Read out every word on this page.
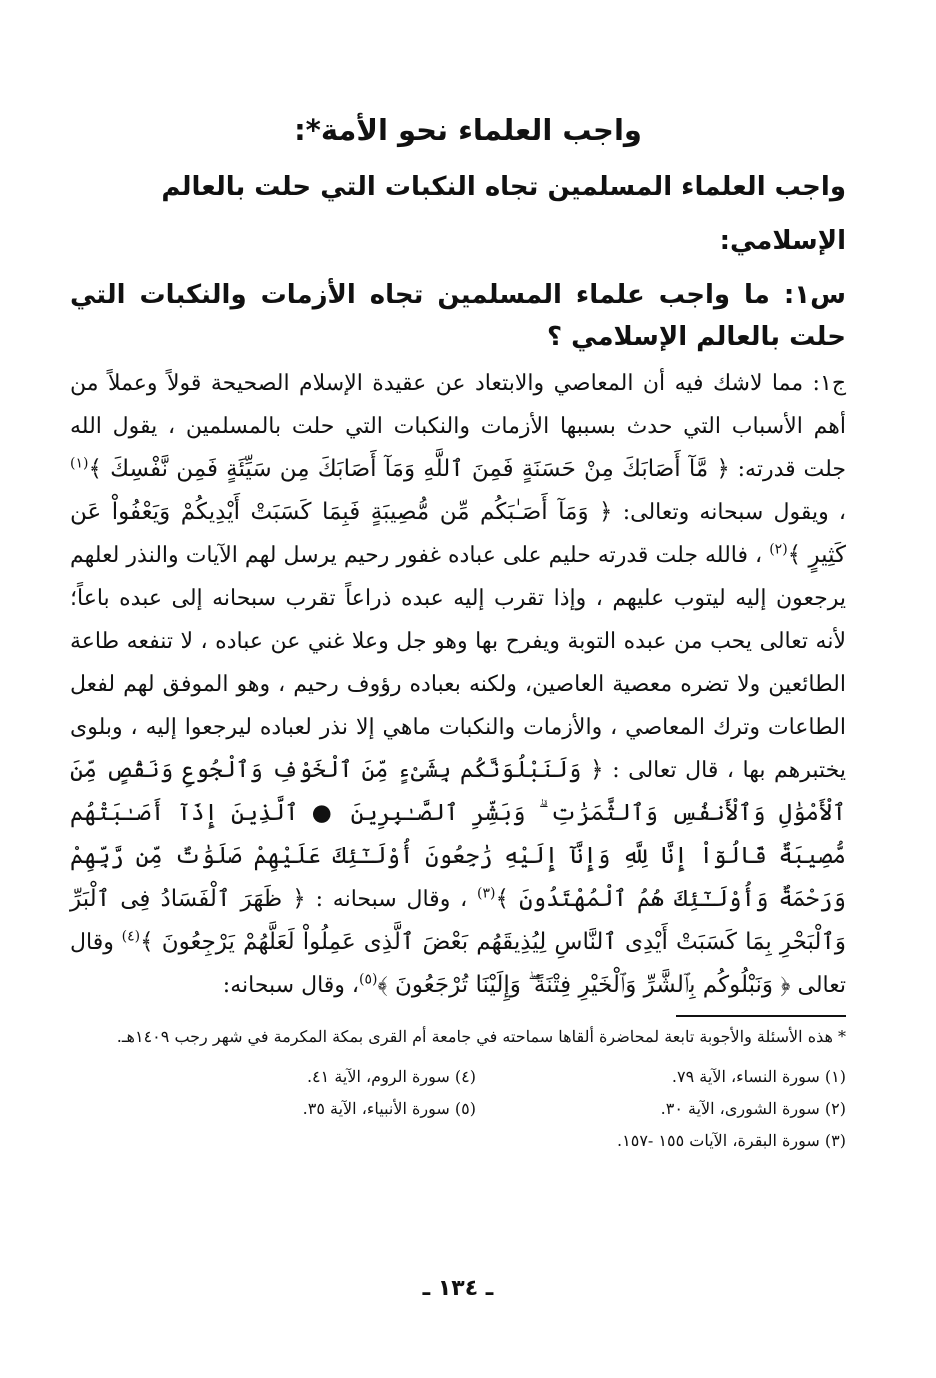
واجب العلماء نحو الأمة*:
واجب العلماء المسلمين تجاه النكبات التي حلت بالعالم الإسلامي:

س١: ما واجب علماء المسلمين تجاه الأزمات والنكبات التي حلت بالعالم الإسلامي ؟

ج١: مما لاشك فيه أن المعاصي والابتعاد عن عقيدة الإسلام الصحيحة قولاً وعملاً من أهم الأسباب التي حدث بسببها الأزمات والنكبات التي حلت بالمسلمين ، يقول الله جلت قدرته: ﴿ مَّآ أَصَابَكَ مِنْ حَسَنَةٍ فَمِنَ ٱللَّهِ وَمَآ أَصَابَكَ مِن سَيِّئَةٍ فَمِن نَّفْسِكَ ﴾$^{(١)}$ ، ويقول سبحانه وتعالى: ﴿ وَمَآ أَصَـٰبَكُم مِّن مُّصِيبَةٍ فَبِمَا كَسَبَتْ أَيْدِيكُمْ وَيَعْفُواْ عَن كَثِيرٍ ﴾$^{(٢)}$ ، فالله جلت قدرته حليم على عباده غفور رحيم يرسل لهم الآيات والنذر لعلهم يرجعون إليه ليتوب عليهم ، وإذا تقرب إليه عبده ذراعاً تقرب سبحانه إلى عبده باعاً؛ لأنه تعالى يحب من عبده التوبة ويفرح بها وهو جل وعلا غني عن عباده ، لا تنفعه طاعة الطائعين ولا تضره معصية العاصين، ولكنه بعباده رؤوف رحيم ، وهو الموفق لهم لفعل الطاعات وترك المعاصي ، والأزمات والنكبات ماهي إلا نذر لعباده ليرجعوا إليه ، وبلوى يختبرهم بها ، قال تعالى : ﴿ وَلَنَبْلُوَنَّكُم بِشَىْءٍ مِّنَ ٱلْخَوْفِ وَٱلْجُوعِ وَنَقْصٍ مِّنَ ٱلْأَمْوَٰلِ وَٱلْأَنفُسِ وَٱلثَّمَرَٰتِ ۗ وَبَشِّرِ ٱلصَّـٰبِرِينَ ● ٱلَّذِينَ إِذَآ أَصَـٰبَتْهُم مُّصِيبَةٌ قَالُوٓاْ إِنَّا لِلَّهِ وَإِنَّآ إِلَيْهِ رَٰجِعُونَ أُوْلَـٰٓئِكَ عَلَيْهِمْ صَلَوَٰتٌ مِّن رَّبِّهِمْ وَرَحْمَةٌ وَأُوْلَـٰٓئِكَ هُمُ ٱلْمُهْتَدُونَ ﴾$^{(٣)}$ ، وقال سبحانه : ﴿ ظَهَرَ ٱلْفَسَادُ فِى ٱلْبَرِّ وَٱلْبَحْرِ بِمَا كَسَبَتْ أَيْدِى ٱلنَّاسِ لِيُذِيقَهُم بَعْضَ ٱلَّذِى عَمِلُواْ لَعَلَّهُمْ يَرْجِعُونَ ﴾$^{(٤)}$ وقال تعالى ﴿ وَنَبْلُوكُم بِٱلشَّرِّ وَٱلْخَيْرِ فِتْنَةً ۖ وَإِلَيْنَا تُرْجَعُونَ ﴾$^{(٥)}$، وقال سبحانه:

* هذه الأسئلة والأجوبة تابعة لمحاضرة ألقاها سماحته في جامعة أم القرى بمكة المكرمة في شهر رجب ١٤٠٩هـ.

(١) سورة النساء، الآية ٧٩.
(٤) سورة الروم، الآية ٤١.
(٢) سورة الشورى، الآية ٣٠.
(٥) سورة الأنبياء، الآية ٣٥.
(٣) سورة البقرة، الآيات ١٥٥ -١٥٧.
ـ ١٣٤ ـ
